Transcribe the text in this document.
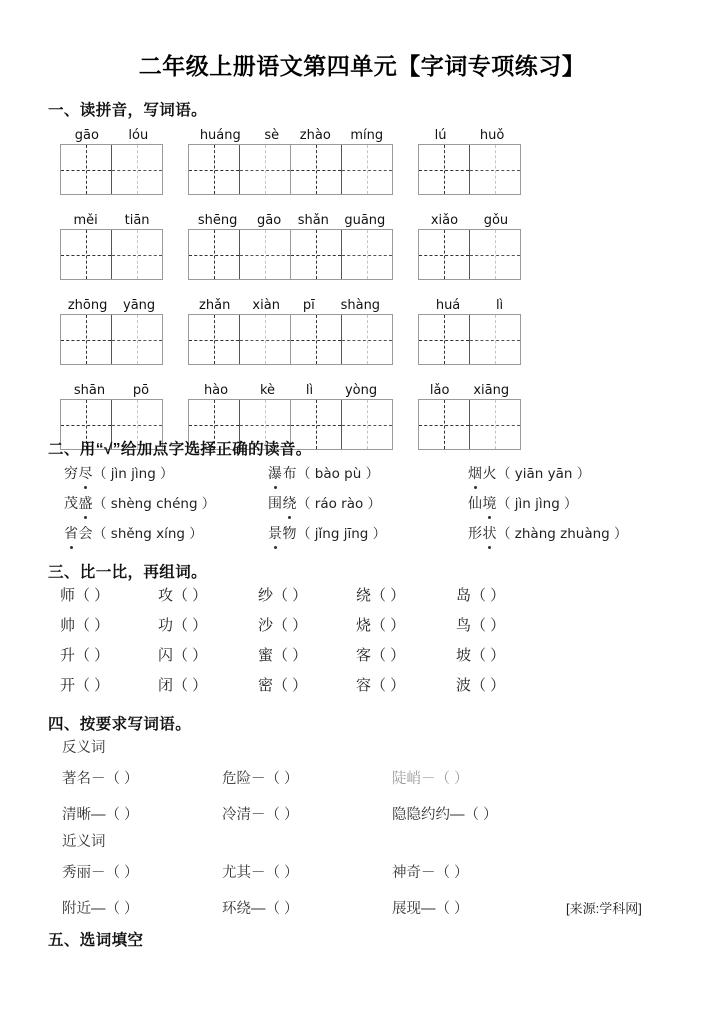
二年级上册语文第四单元【字词专项练习】
一、读拼音，写词语。
gāo lóu	huáng sè zhào míng	lú	huǒ
měi tiān	shēng gāo shǎn guāng	xiǎo gǒu
zhōng yāng	zhǎn xiàn pī shàng	huá	lì
shān pō	hào kè lì yòng	lǎo xiāng
二、用“√”给加点字选择正确的读音。
穷尽（ jìn jìng ）	瀑布（ bào pù ）	烟火（ yiān yān ）
茂盛（ shèng chéng ）	围绕（ ráo rào ）	仙境（ jìn jìng ）
省会（ shěng xíng ）	景物（ jǐng jīng ）	形状（ zhàng zhuàng ）
三、比一比，再组词。
师（ ）	攻（ ）	纱（ ）	绕（ ）	岛（ ）
帅（ ）	功（ ）	沙（ ）	烧（ ）	鸟（ ）
升（ ）	闪（ ）	蜜（ ）	客（ ）	坡（ ）
开（ ）	闭（ ）	密（ ）	容（ ）	波（ ）
四、按要求写词语。
反义词
近义词
著名－（ ）	危险－（ ）	陡峭－（ ）
清晰—（ ）	冷清－（ ）	隐隐约约—（ ）
秀丽－（ ）	尤其－（ ）	神奇－（ ）
附近—（ ）	环绕—（ ）	展现—（ ）	[来源:学科网]
五、选词填空
